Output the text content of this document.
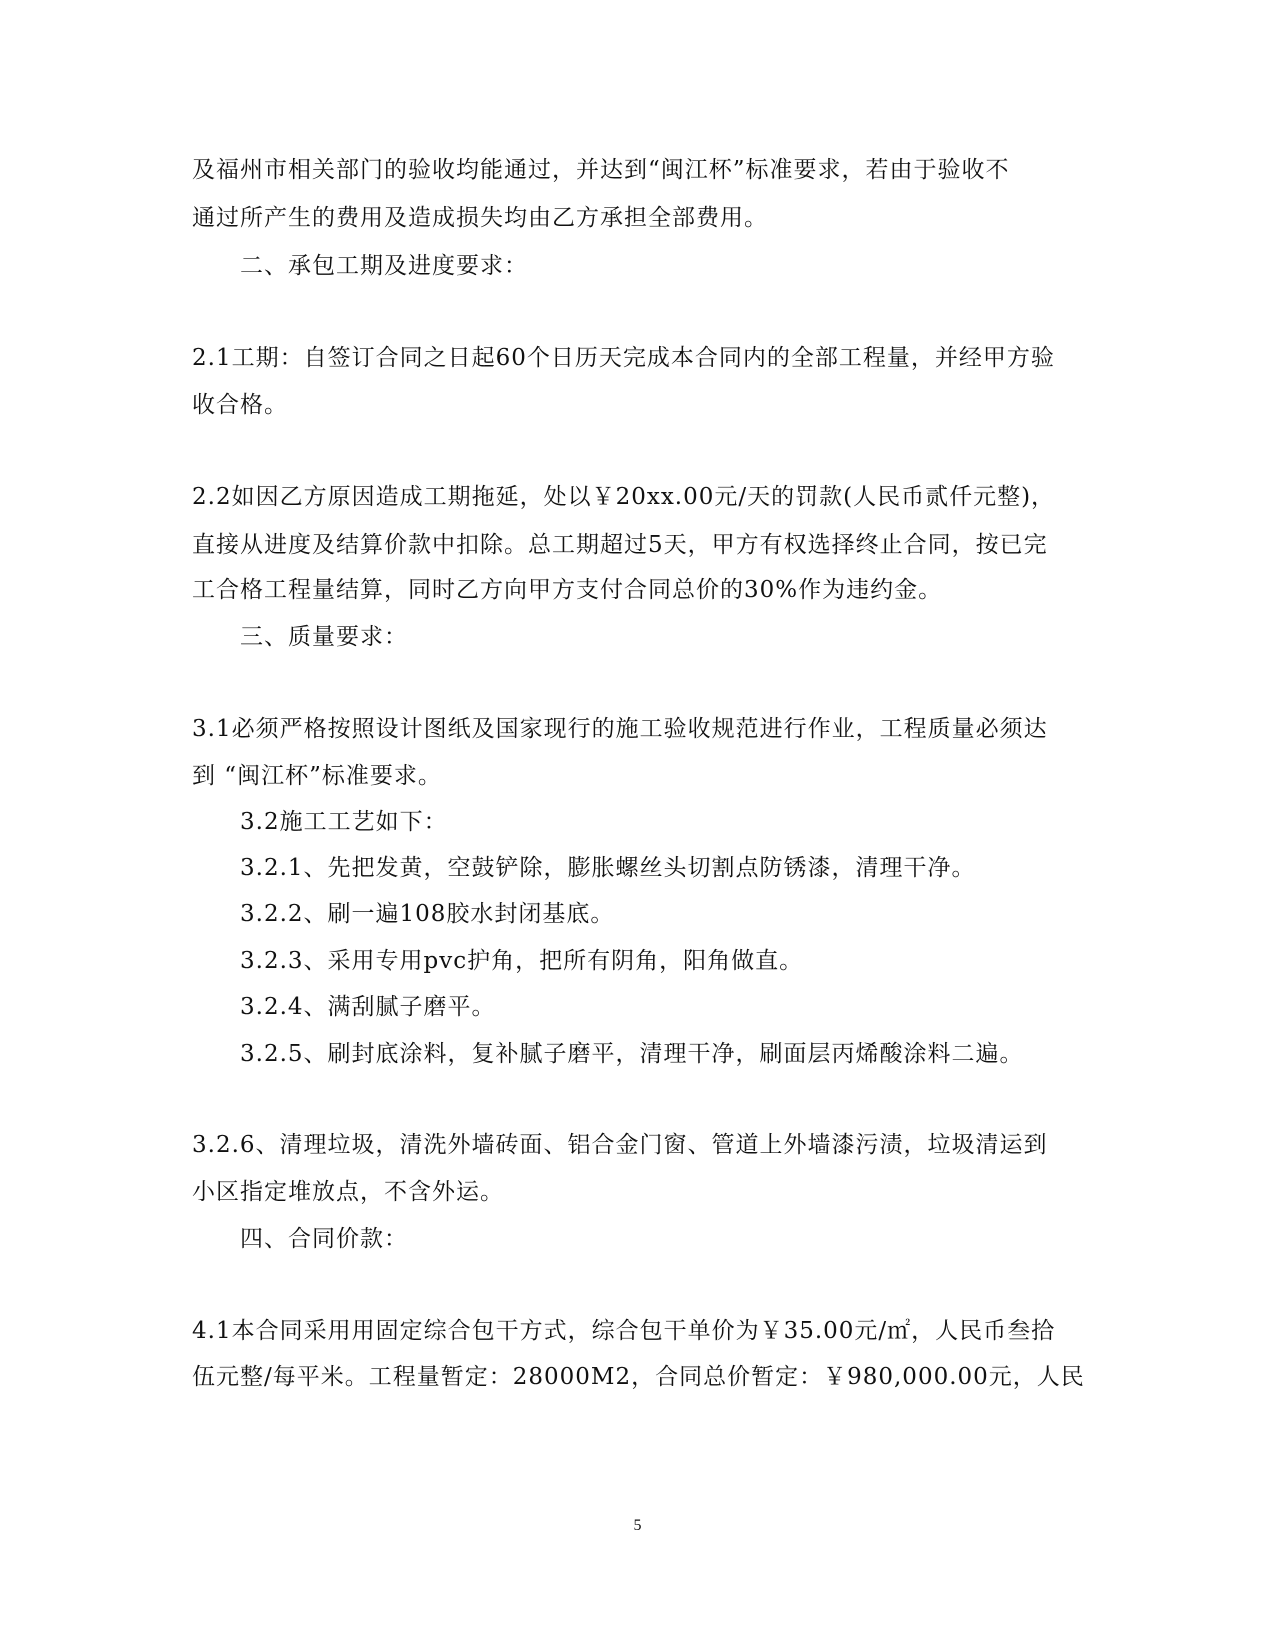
及福州市相关部门的验收均能通过，并达到“闽江杯”标准要求，若由于验收不
通过所产生的费用及造成损失均由乙方承担全部费用。
二、承包工期及进度要求：
2.1工期：自签订合同之日起60个日历天完成本合同内的全部工程量，并经甲方验
收合格。
2.2如因乙方原因造成工期拖延，处以￥20xx.00元/天的罚款(人民币贰仟元整)，
直接从进度及结算价款中扣除。总工期超过5天，甲方有权选择终止合同，按已完
工合格工程量结算，同时乙方向甲方支付合同总价的30%作为违约金。
三、质量要求：
3.1必须严格按照设计图纸及国家现行的施工验收规范进行作业，工程质量必须达
到 “闽江杯”标准要求。
3.2施工工艺如下：
3.2.1、先把发黄，空鼓铲除，膨胀螺丝头切割点防锈漆，清理干净。
3.2.2、刷一遍108胶水封闭基底。
3.2.3、采用专用pvc护角，把所有阴角，阳角做直。
3.2.4、满刮腻子磨平。
3.2.5、刷封底涂料，复补腻子磨平，清理干净，刷面层丙烯酸涂料二遍。
3.2.6、清理垃圾，清洗外墙砖面、铝合金门窗、管道上外墙漆污渍，垃圾清运到
小区指定堆放点，不含外运。
四、合同价款：
4.1本合同采用用固定综合包干方式，综合包干单价为￥35.00元/㎡，人民币叁拾
伍元整/每平米。工程量暂定：28000M2，合同总价暂定：￥980,000.00元，人民
5
